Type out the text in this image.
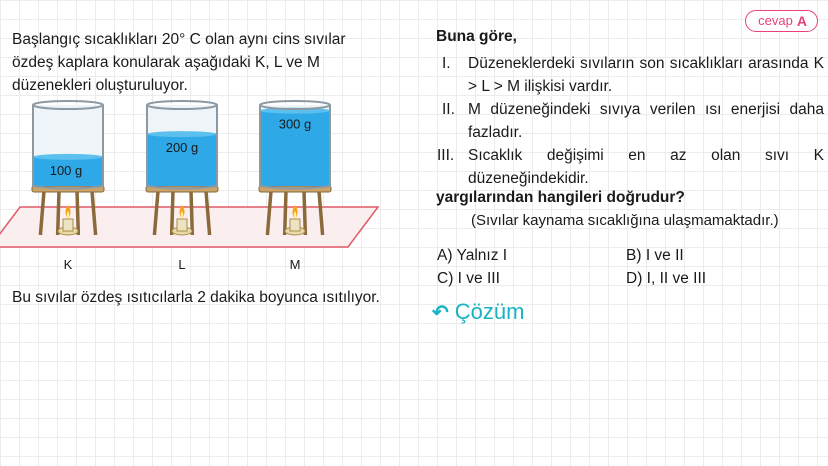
cevap A
Başlangıç sıcaklıkları 20° C olan aynı cins sıvılar özdeş kaplara konularak aşağıdaki K, L ve M düzenekleri oluşturuluyor.
100 g
200 g
300 g
K	L	M
Bu sıvılar özdeş ısıtıcılarla 2 dakika boyunca ısıtılıyor.
Buna göre,
I. Düzeneklerdeki sıvıların son sıcaklıkları arasında K > L > M ilişkisi vardır.
II. M düzeneğindeki sıvıya verilen ısı enerjisi daha fazladır.
III. Sıcaklık değişimi en az olan sıvı K düzeneğindekidir.
yargılarından hangileri doğrudur?
(Sıvılar kaynama sıcaklığına ulaşmamaktadır.)
A) Yalnız I	B) I ve II
C) I ve III	D) I, II ve III
↶ Çözüm
